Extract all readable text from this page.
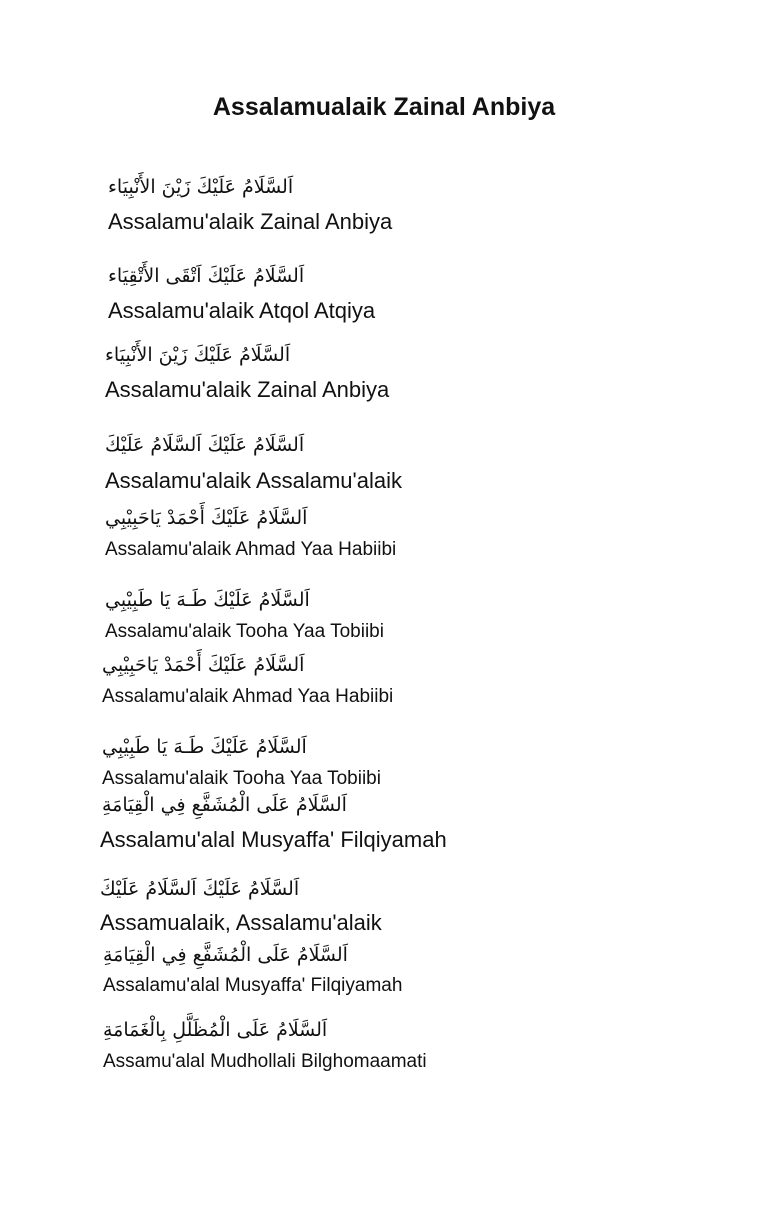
Assalamualaik Zainal Anbiya
اَلسَّلَامُ عَلَيْكَ زَيْنَ الأَنْبِيَاء
Assalamu'alaik Zainal Anbiya
اَلسَّلَامُ عَلَيْكَ اَتْقَى الأَتْقِيَاء
Assalamu'alaik Atqol Atqiya
اَلسَّلَامُ عَلَيْكَ زَيْنَ الأَنْبِيَاء
Assalamu'alaik Zainal Anbiya
اَلسَّلَامُ عَلَيْكَ اَلسَّلَامُ عَلَيْكَ
Assalamu'alaik Assalamu'alaik
اَلسَّلَامُ عَلَيْكَ أَحْمَدْ يَاحَبِيْبِي
Assalamu'alaik Ahmad Yaa Habiibi
اَلسَّلَامُ عَلَيْكَ طَـهَ يَا طَبِيْبِي
Assalamu'alaik Tooha Yaa Tobiibi
اَلسَّلَامُ عَلَيْكَ أَحْمَدْ يَاحَبِيْبِي
Assalamu'alaik Ahmad Yaa Habiibi
اَلسَّلَامُ عَلَيْكَ طَـهَ يَا طَبِيْبِي
Assalamu'alaik Tooha Yaa Tobiibi
اَلسَّلَامُ عَلَى الْمُشَفَّعِ فِي الْقِيَامَةِ
Assalamu'alal Musyaffa' Filqiyamah
اَلسَّلَامُ عَلَيْكَ اَلسَّلَامُ عَلَيْكَ
Assamualaik, Assalamu'alaik
اَلسَّلَامُ عَلَى الْمُشَفَّعِ فِي الْقِيَامَةِ
Assalamu'alal Musyaffa' Filqiyamah
اَلسَّلَامُ عَلَى الْمُظَلَّلِ بِالْغَمَامَةِ
Assamu'alal Mudhollali Bilghomaamati
